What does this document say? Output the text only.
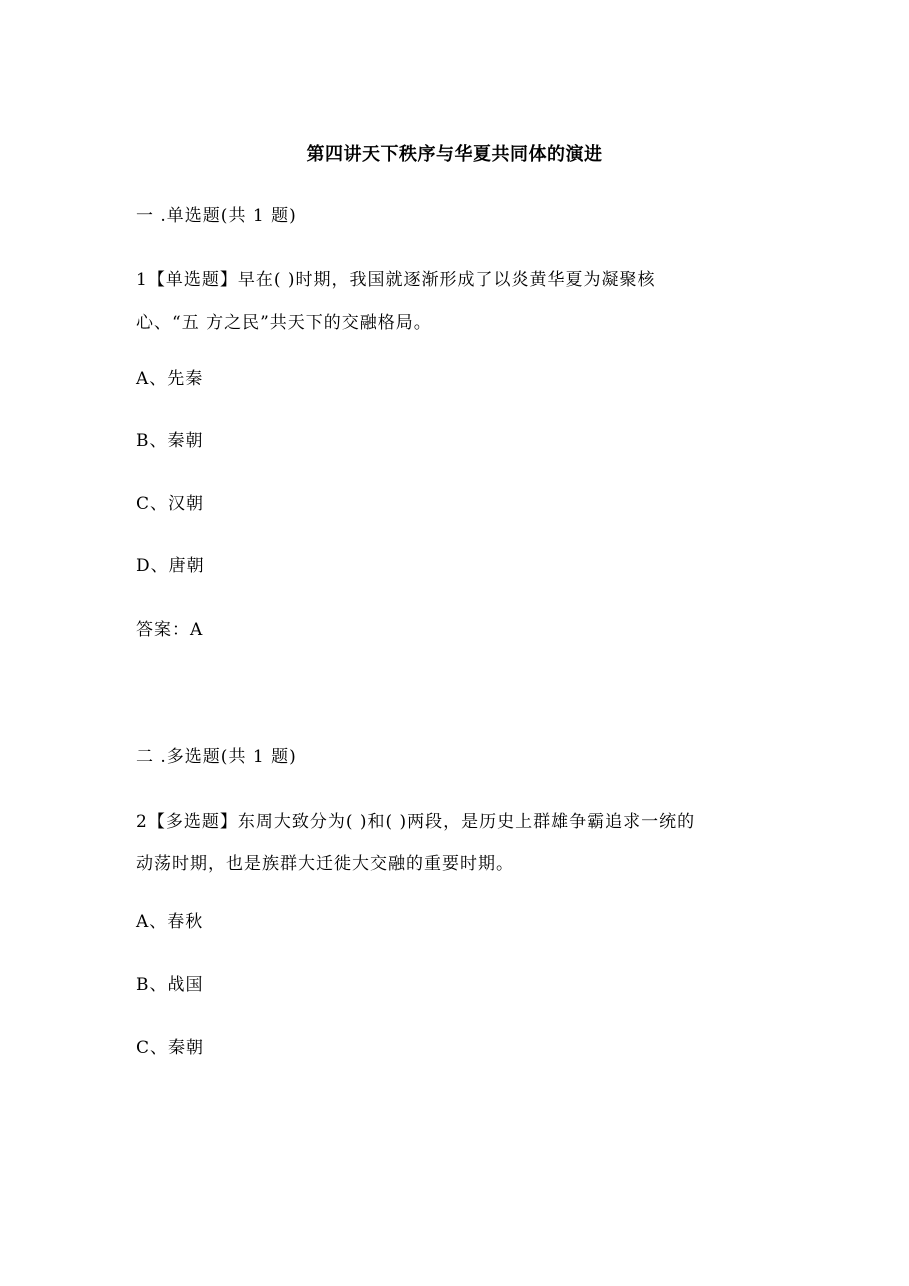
第四讲天下秩序与华夏共同体的演进
一 .单选题(共 1 题)
1【单选题】早在( )时期，我国就逐渐形成了以炎黄华夏为凝聚核
心、“五 方之民”共天下的交融格局。
A、先秦
B、秦朝
C、汉朝
D、唐朝
答案：A
二 .多选题(共 1 题)
2【多选题】东周大致分为( )和( )两段，是历史上群雄争霸追求一统的
动荡时期，也是族群大迁徙大交融的重要时期。
A、春秋
B、战国
C、秦朝
